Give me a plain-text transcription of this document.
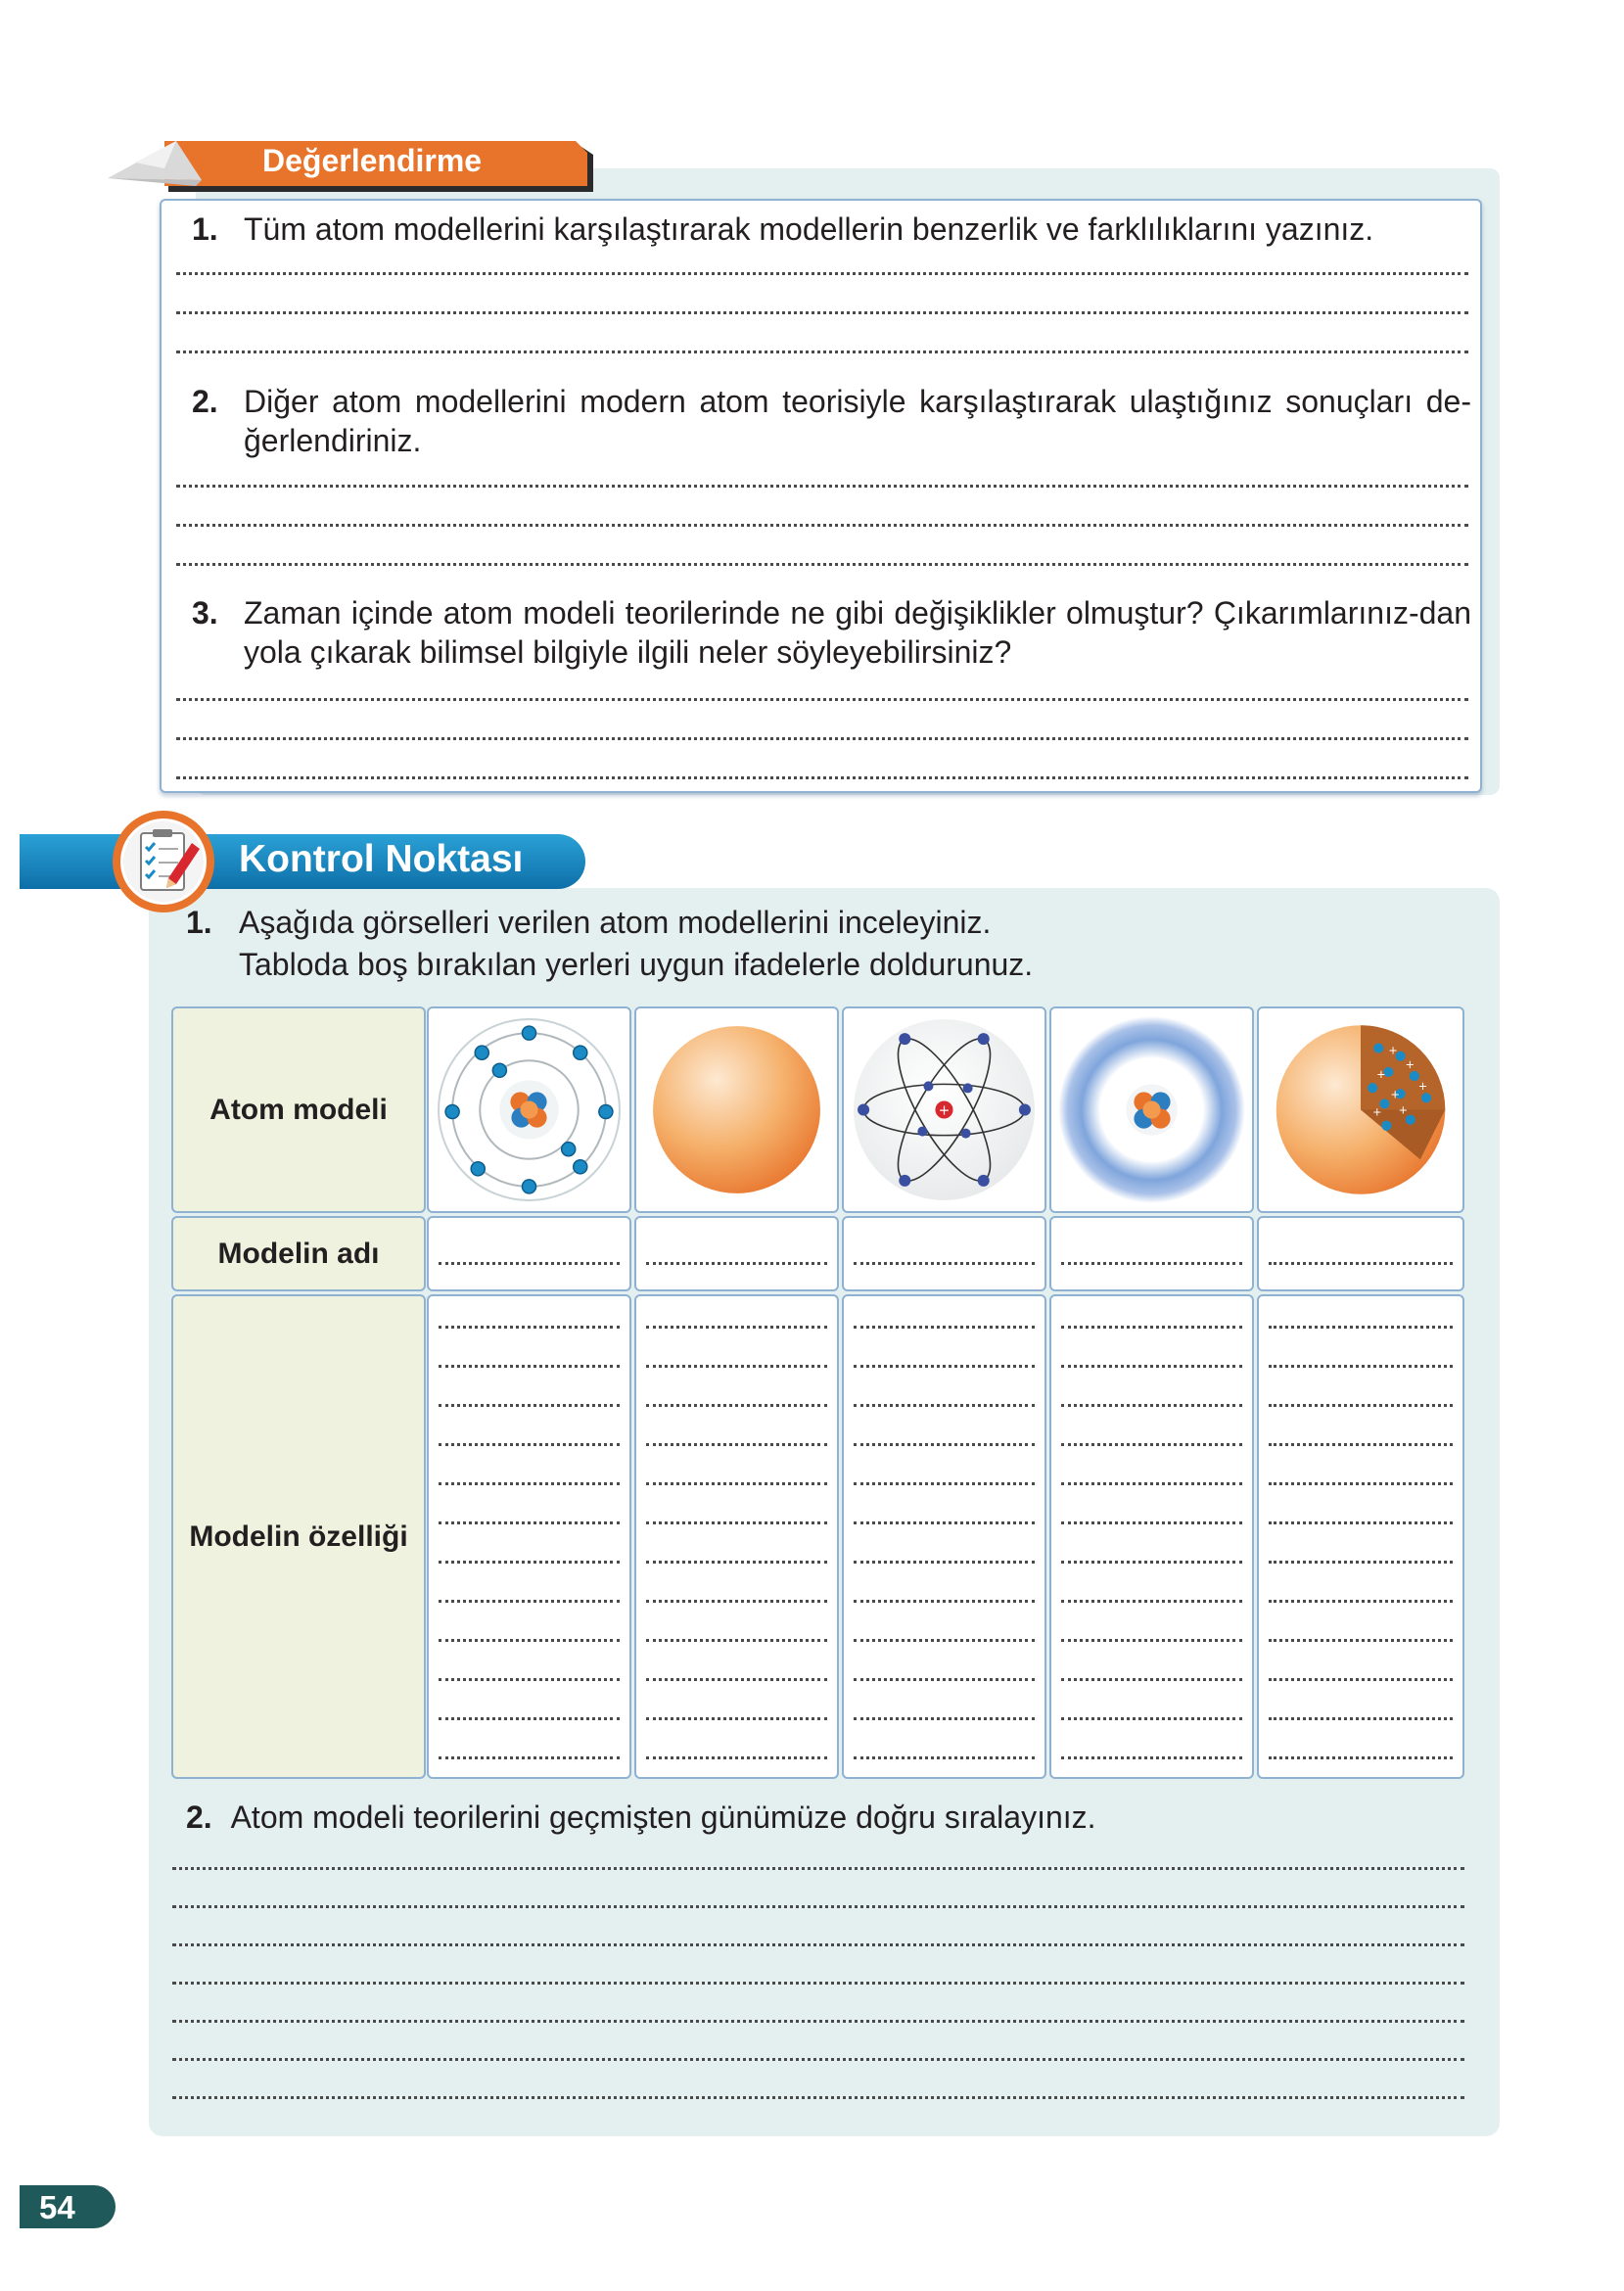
Değerlendirme
1. Tüm atom modellerini karşılaştırarak modellerin benzerlik ve farklılıklarını yazınız.
2. Diğer atom modellerini modern atom teorisiyle karşılaştırarak ulaştığınız sonuçları de-ğerlendiriniz.
3. Zaman içinde atom modeli teorilerinde ne gibi değişiklikler olmuştur? Çıkarımlarınız-dan yola çıkarak bilimsel bilgiyle ilgili neler söyleyebilirsiniz?
Kontrol Noktası
1. Aşağıda görselleri verilen atom modellerini inceleyiniz.
Tabloda boş bırakılan yerleri uygun ifadelerle doldurunuz.
Atom modeli	+
+
+
+
+
+
+ +
Modelin adı
Modelin özelliği
2. Atom modeli teorilerini geçmişten günümüze doğru sıralayınız.
54
